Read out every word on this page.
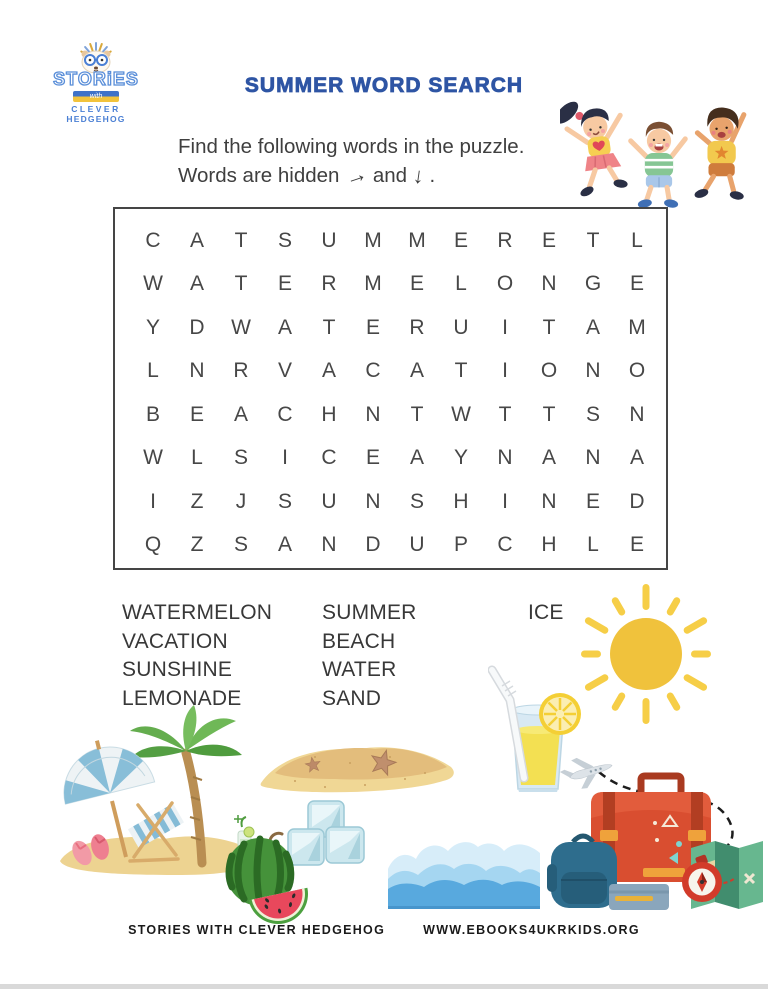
STORiES
with
CLEVER
HEDGEHOG
SUMMER WORD SEARCH
Find the following words in the puzzle.
Words are hidden → and ↓ .
C	A	T	S	U	M	M	E	R	E	T	L
W	A	T	E	R	M	E	L	O	N	G	E
Y	D	W	A	T	E	R	U	I	T	A	M
L	N	R	V	A	C	A	T	I	O	N	O
B	E	A	C	H	N	T	W	T	T	S	N
W	L	S	I	C	E	A	Y	N	A	N	A
I	Z	J	S	U	N	S	H	I	N	E	D
Q	Z	S	A	N	D	U	P	C	H	L	E
WATERMELON
VACATION
SUNSHINE
LEMONADE
SUMMER
BEACH
WATER
SAND
ICE
STORIES WITH CLEVER HEDGEHOG	WWW.EBOOKS4UKRKIDS.ORG
